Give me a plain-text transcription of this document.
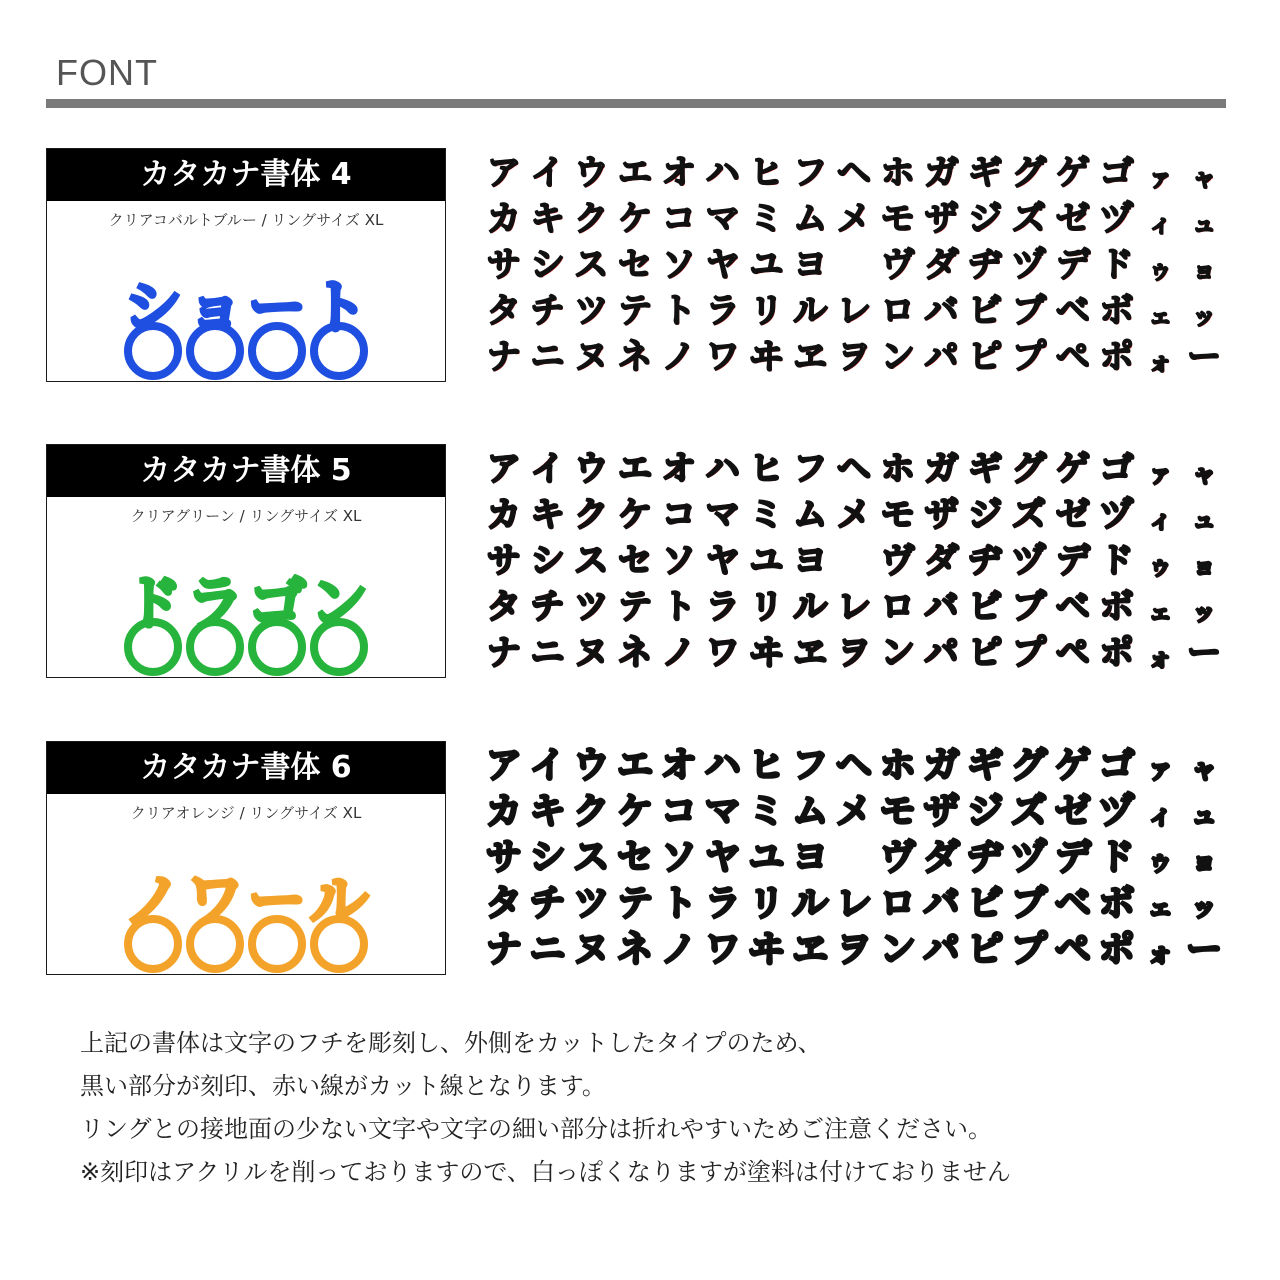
FONT
カタカナ書体 4
クリアコバルトブルー / リングサイズ XL
シ ョ ー ト
ア イ ウ エ オ ハ ヒ フ ヘ ホ ガ ギ グ ゲ ゴ ァ ャ
カ キ ク ケ コ マ ミ ム メ モ ザ ジ ズ ゼ ヅ ィ ュ
サ シ ス セ ソ ヤ ユ ヨ ヴ ダ ヂ ヅ デ ド ゥ ョ
タ チ ツ テ ト ラ リ ル レ ロ バ ビ ブ ベ ボ ェ ッ
ナ ニ ヌ ネ ノ ワ ヰ ヱ ヲ ン パ ピ プ ペ ポ ォ ー
カタカナ書体 5
クリアグリーン / リングサイズ XL
ド ラ ゴ ン
ア イ ウ エ オ ハ ヒ フ ヘ ホ ガ ギ グ ゲ ゴ ァ ャ
カ キ ク ケ コ マ ミ ム メ モ ザ ジ ズ ゼ ヅ ィ ュ
サ シ ス セ ソ ヤ ユ ヨ ヴ ダ ヂ ヅ デ ド ゥ ョ
タ チ ツ テ ト ラ リ ル レ ロ バ ビ ブ ベ ボ ェ ッ
ナ ニ ヌ ネ ノ ワ ヰ ヱ ヲ ン パ ピ プ ペ ポ ォ ー
カタカナ書体 6
クリアオレンジ / リングサイズ XL
ノ ワ ー ル
ア イ ウ エ オ ハ ヒ フ ヘ ホ ガ ギ グ ゲ ゴ ァ ャ
カ キ ク ケ コ マ ミ ム メ モ ザ ジ ズ ゼ ヅ ィ ュ
サ シ ス セ ソ ヤ ユ ヨ ヴ ダ ヂ ヅ デ ド ゥ ョ
タ チ ツ テ ト ラ リ ル レ ロ バ ビ ブ ベ ボ ェ ッ
ナ ニ ヌ ネ ノ ワ ヰ ヱ ヲ ン パ ピ プ ペ ポ ォ ー
上記の書体は文字のフチを彫刻し、外側をカットしたタイプのため、
黒い部分が刻印、赤い線がカット線となります。
リングとの接地面の少ない文字や文字の細い部分は折れやすいためご注意ください。
※刻印はアクリルを削っておりますので、白っぽくなりますが塗料は付けておりません
